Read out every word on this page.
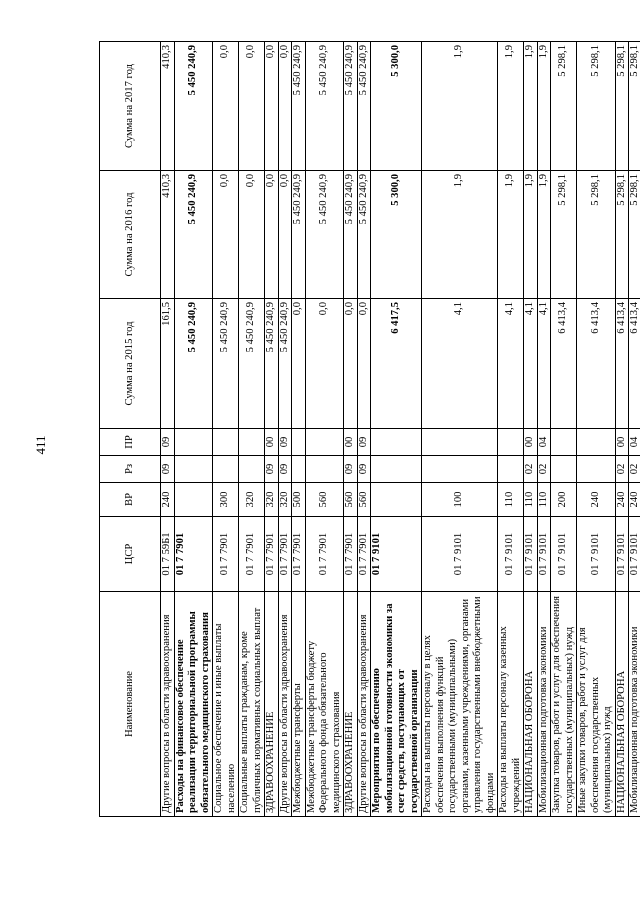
411
Наименование	ЦСР	ВР	Рз	ПР	Сумма на 2015 год	Сумма на 2016 год	Сумма на 2017 год
Другие вопросы в области здравоохранения	01 7 59Б1	240	09	09	161,5	410,3	410,3
Расходы на финансовое обеспечение реализации территориальной программы обязательного медицинского страхования	01 7 7901				5 450 240,9	5 450 240,9	5 450 240,9
Социальное обеспечение и иные выплаты населению	01 7 7901	300			5 450 240,9	0,0	0,0
Социальные выплаты гражданам, кроме публичных нормативных социальных выплат	01 7 7901	320			5 450 240,9	0,0	0,0
ЗДРАВООХРАНЕНИЕ	01 7 7901	320	09	00	5 450 240,9	0,0	0,0
Другие вопросы в области здравоохранения	01 7 7901	320	09	09	5 450 240,9	0,0	0,0
Межбюджетные трансферты	01 7 7901	500			0,0	5 450 240,9	5 450 240,9
Межбюджетные трансферты бюджету Федерального фонда обязательного медицинского страхования	01 7 7901	560			0,0	5 450 240,9	5 450 240,9
ЗДРАВООХРАНЕНИЕ	01 7 7901	560	09	00	0,0	5 450 240,9	5 450 240,9
Другие вопросы в области здравоохранения	01 7 7901	560	09	09	0,0	5 450 240,9	5 450 240,9
Мероприятия по обеспечению мобилизационной готовности экономики за счет средств, поступающих от государственной организации	01 7 9101				6 417,5	5 300,0	5 300,0
Расходы на выплаты персоналу в целях обеспечения выполнения функций государственными (муниципальными) органами, казенными учреждениями, органами управления государственными внебюджетными фондами	01 7 9101	100			4,1	1,9	1,9
Расходы на выплаты персоналу казенных учреждений	01 7 9101	110			4,1	1,9	1,9
НАЦИОНАЛЬНАЯ ОБОРОНА	01 7 9101	110	02	00	4,1	1,9	1,9
Мобилизационная подготовка экономики	01 7 9101	110	02	04	4,1	1,9	1,9
Закупка товаров, работ и услуг для обеспечения государственных (муниципальных) нужд	01 7 9101	200			6 413,4	5 298,1	5 298,1
Иные закупки товаров, работ и услуг для обеспечения государственных (муниципальных) нужд	01 7 9101	240			6 413,4	5 298,1	5 298,1
НАЦИОНАЛЬНАЯ ОБОРОНА	01 7 9101	240	02	00	6 413,4	5 298,1	5 298,1
Мобилизационная подготовка экономики	01 7 9101	240	02	04	6 413,4	5 298,1	5 298,1
